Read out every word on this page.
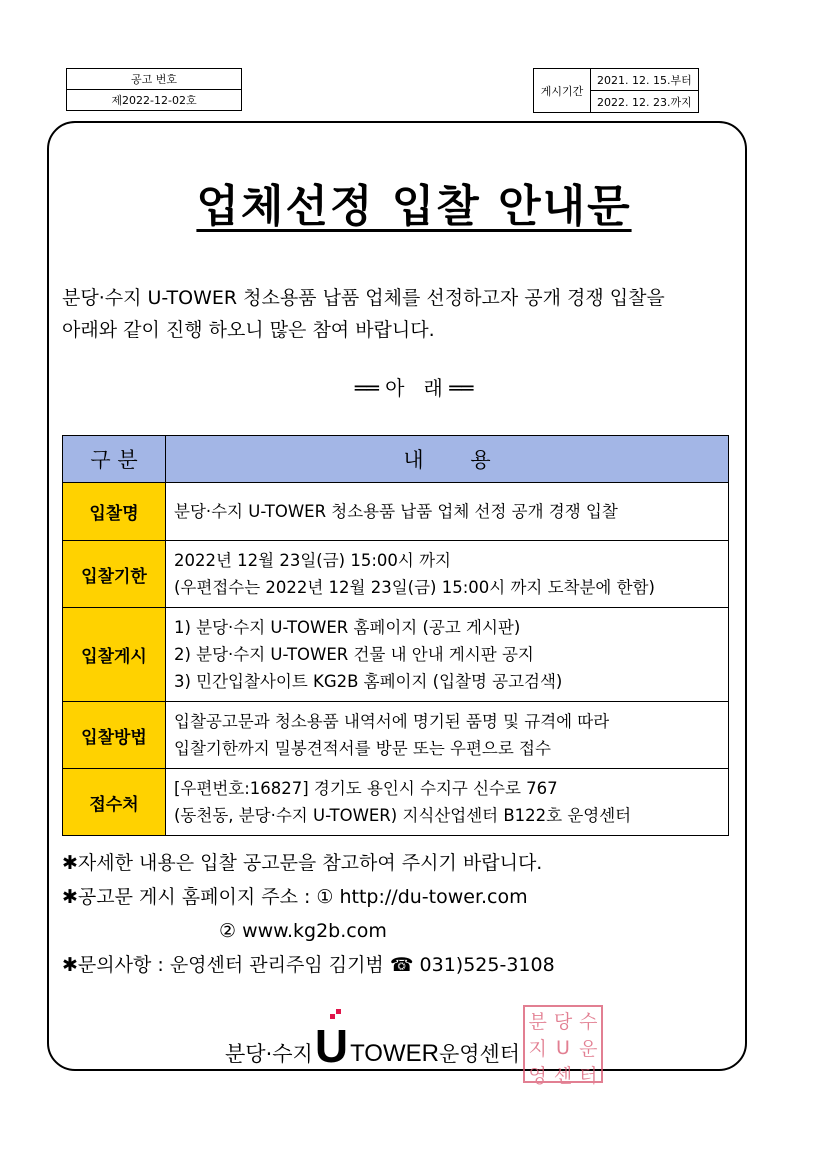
공고 번호
제2022-12-02호
게시기간	2021. 12. 15.부터
2022. 12. 23.까지
업체선정 입찰 안내문
분당·수지 U-TOWER 청소용품 납품 업체를 선정하고자 공개 경쟁 입찰을
아래와 같이 진행 하오니 많은 참여 바랍니다.
══ 아   래 ══
구 분	내       용
입찰명	분당·수지 U-TOWER 청소용품 납품 업체 선정 공개 경쟁 입찰

입찰기한	2022년 12월 23일(금) 15:00시 까지
(우편접수는 2022년 12월 23일(금) 15:00시 까지 도착분에 한함)

입찰게시	1) 분당·수지 U-TOWER 홈페이지 (공고 게시판)
2) 분당·수지 U-TOWER 건물 내 안내 게시판 공지
3) 민간입찰사이트 KG2B 홈페이지 (입찰명 공고검색)

입찰방법	입찰공고문과 청소용품 내역서에 명기된 품명 및 규격에 따라
입찰기한까지 밀봉견적서를 방문 또는 우편으로 접수

접수처	[우편번호:16827] 경기도 용인시 수지구 신수로 767
(동천동, 분당·수지 U-TOWER) 지식산업센터 B122호 운영센터
✱자세한 내용은 입찰 공고문을 참고하여 주시기 바랍니다.
✱공고문 게시 홈페이지 주소 : ① http://du-tower.com
② www.kg2b.com
✱문의사항 : 운영센터 관리주임 김기범 ☎ 031)525-3108
분당·수지 U TOWER 운영센터
분 당 수
지 U 운
영 센 터
